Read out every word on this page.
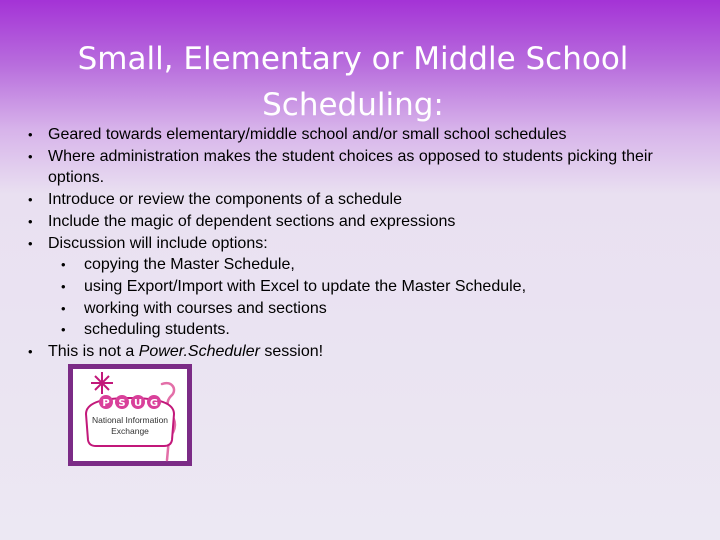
Small, Elementary or Middle School Scheduling:
• Geared towards elementary/middle school and/or small school schedules
• Where administration makes the student choices as opposed to students picking their options.
• Introduce or review the components of a schedule
• Include the magic of dependent sections and expressions
• Discussion will include options:
• copying the Master Schedule,
• using Export/Import with Excel to update the Master Schedule,
• working with courses and sections
• scheduling students.
• This is not a Power.Scheduler session!
P S U G
National Information
Exchange
